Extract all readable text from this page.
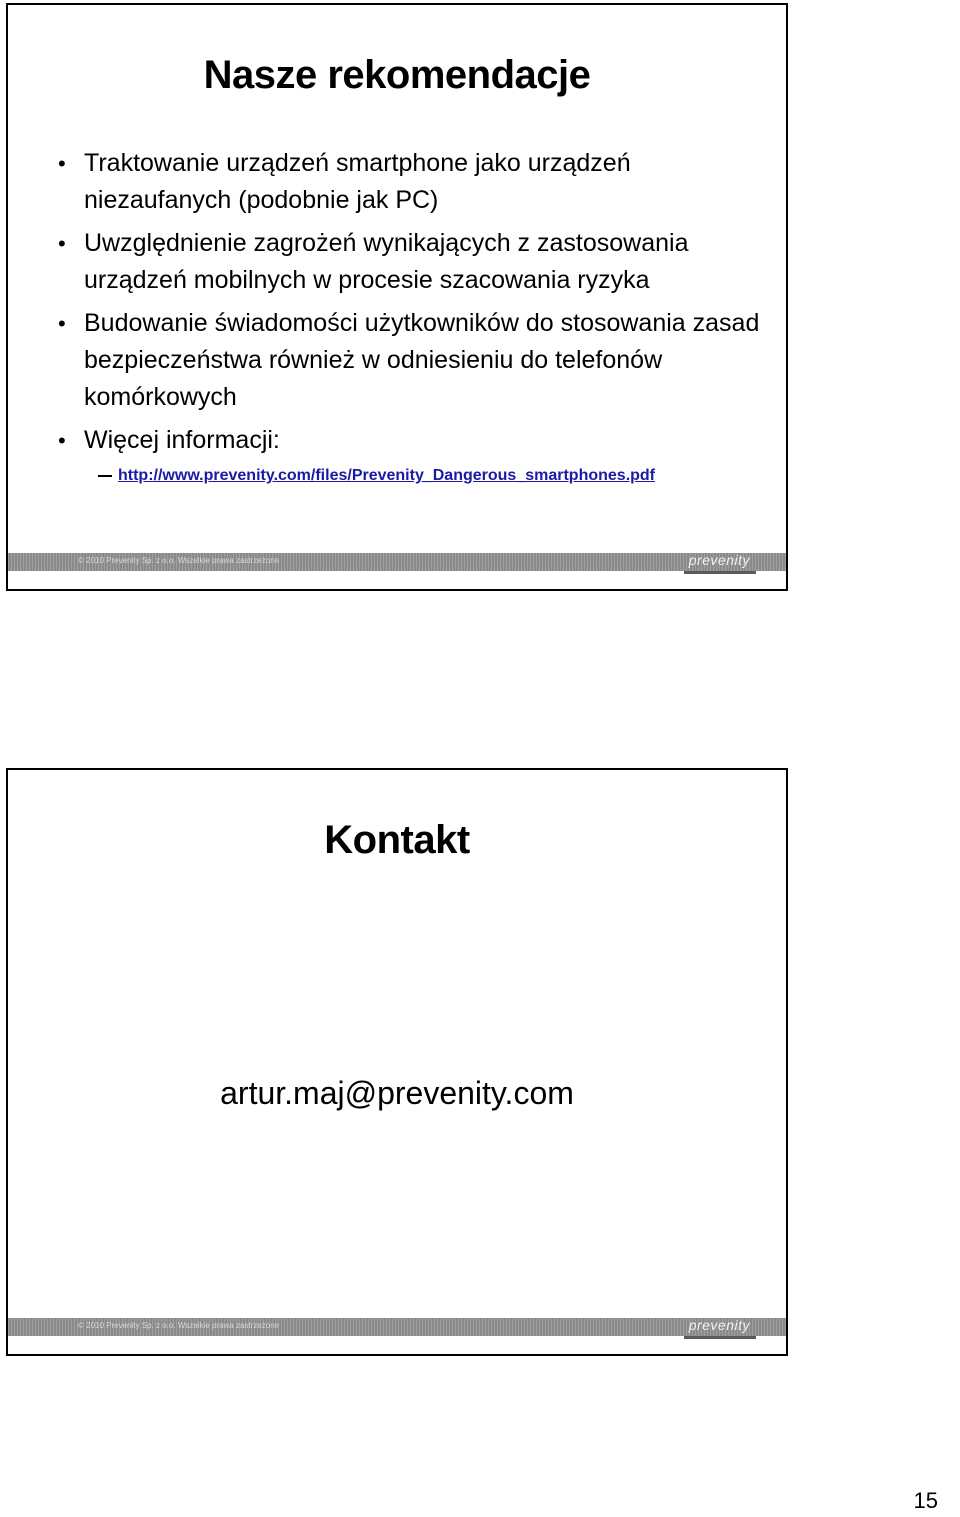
Nasze rekomendacje
• Traktowanie urządzeń smartphone jako urządzeń niezaufanych (podobnie jak PC)
• Uwzględnienie zagrożeń wynikających z zastosowania urządzeń mobilnych w procesie szacowania ryzyka
• Budowanie świadomości użytkowników do stosowania zasad bezpieczeństwa również w odniesieniu do telefonów komórkowych
• Więcej informacji:
http://www.prevenity.com/files/Prevenity_Dangerous_smartphones.pdf
© 2010 Prevenity Sp. z o.o. Wszelkie prawa zastrzeżone	prevenity
Kontakt
artur.maj@prevenity.com
© 2010 Prevenity Sp. z o.o. Wszelkie prawa zastrzeżone	prevenity
15
